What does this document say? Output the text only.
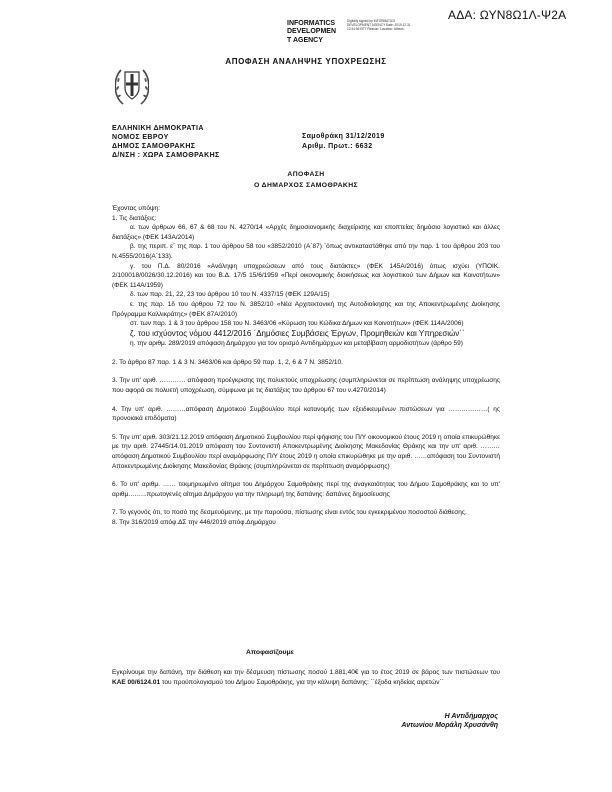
ΑΔΑ: ΩΥΝ8Ω1Λ-Ψ2Α
INFORMATICS
DEVELOPMEN
T AGENCY
Digitally signed by INFORMATICS DEVELOPMENT AGENCY Date: 2019.12.31 12:34:56 EET Reason: Location: Athens
ΑΠΟΦΑΣΗ ΑΝΑΛΗΨΗΣ ΥΠΟΧΡΕΩΣΗΣ
ΕΛΛΗΝΙΚΗ ΔΗΜΟΚΡΑΤΙΑ
ΝΟΜΟΣ ΕΒΡΟΥ
ΔΗΜΟΣ ΣΑΜΟΘΡΑΚΗΣ
Δ/ΝΣΗ : ΧΩΡΑ ΣΑΜΟΘΡΑΚΗΣ
Σαμοθράκη 31/12/2019
Αριθμ. Πρωτ.: 6632
ΑΠΟΦΑΣΗ
Ο ΔΗΜΑΡΧΟΣ ΣΑΜΟΘΡΑΚΗΣ

Έχοντας υπόψη:

1. Τις διατάξεις:

α. των άρθρων 66, 67 & 68 του Ν. 4270/14 «Αρχές δημοσιονομικής διαχείρισης και εποπτείας δημόσιο λογιστικό και άλλες διατάξεις» (ΦΕΚ 143Α/2014)

β. της περιπ. ε΄ της παρ. 1 του άρθρου 58 του «3852/2010 (Α΄87) ΄όπως αντικαταστάθηκε από την παρ. 1 του άρθρου 203 του Ν.4555/2016(Α΄133).

γ. του Π.Δ. 80/2016 «Ανάληψη υποχρεώσεων από τους διατάκτες» (ΦΕΚ 145Α/2016) όπως ισχύει (ΥΠΟΙΚ. 2/100018/0026/30.12.2016) και του Β.Δ. 17/5 15/6/1959 «Περί οικονομικής διοικήσεως και λογιστικού των Δήμων και Κοινοτήτων» (ΦΕΚ 114Α/1959)

δ. των παρ. 21, 22, 23 του άρθρου 10 του Ν. 4337/15 (ΦΕΚ 129Α/15)

ε. της παρ. 1δ του άρθρου 72 του Ν. 3852/10 «Νέα Αρχιτεκτονική της Αυτοδιοίκησης και της Αποκεντρωμένης Διοίκησης Πρόγραμμα Καλλικράτης» (ΦΕΚ 87Α/2010)

στ. των παρ. 1 & 3 του άρθρου 158 του Ν. 3463/06 «Κύρωση του Κώδικα Δήμων και Κοινοτήτων» (ΦΕΚ 114Α/2006)

ζ. του ισχύοντος νόμου 4412/2016 ΄Δημόσιες Συμβάσεις Έργων, Προμηθειών και Υπηρεσιών΄΄

η. την αριθμ. 289/2019 απόφαση Δημάρχου για τον ορισμό Αντιδημάρχων και μεταβίβαση αρμοδιοτήτων (άρθρο 59)

2. Το άρθρο 87 παρ. 1 & 3 Ν. 3463/06 και άρθρο 59 παρ. 1, 2, 6 & 7 Ν. 3852/10.

3. Την υπ' αριθ. ………… απόφαση προέγκρισης της πολυετούς υποχρέωσης (συμπληρώνεται σε περίπτωση ανάληψης υποχρέωσης που αφορά σε πολυετή υποχρέωση, σύμφωνα με τις διατάξεις του άρθρου 67 του ν.4270/2014)

4. Την υπ' αριθ. ………απόφαση Δημοτικού Συμβουλίου περί κατανομής των εξειδικευμένων πιστώσεων για ………………( ης προνοιακά επιδόματα)

5. Την υπ' αριθ. 303/21.12.2019 απόφαση Δημοτικού Συμβουλίου περί ψήφισης του Π/Υ οικονομικού έτους 2019 η οποία επικυρώθηκε με την αριθ. 27445/14.01.2019 απόφαση του Συντονιστή Αποκεντρωμένης Διοίκησης Μακεδονίας Θράκης και την υπ' αριθ. ………απόφαση Δημοτικού Συμβουλίου περί αναμόρφωσης Π/Υ έτους 2019 η οποία επικυρώθηκε με την αριθ. ……απόφαση του Συντονιστή Αποκεντρωμένης Διοίκησης Μακεδονίας Θράκης (συμπληρώνεται σε περίπτωση αναμόρφωσης)

6. Το υπ' αριθμ. …… τεκμηριωμένο αίτημα του Δημάρχου Σαμοθράκης περί της αναγκαιότητας του Δήμου Σαμοθράκης και το υπ' αριθμ.……..πρωτογενές αίτημα Δημάρχου για την πληρωμή της δαπάνης: δαπάνες δημοσίευσης

7. Το γεγονός ότι, το ποσό της δεσμευόμενης, με την παρούσα, πίστωσης είναι εντός του εγκεκριμένου ποσοστού διάθεσης.

8. Την 316/2019 απόφ.ΔΣ την 446/2019 απόφ.Δημάρχου

Αποφασίζουμε

Εγκρίνουμε την δαπάνη, την διάθεση και την δέσμευση πίστωσης ποσού 1.881,40€ για το έτος 2019 σε βάρος των πιστώσεων του ΚΑΕ 00/6124.01 του προϋπολογισμού του Δήμου Σαμοθράκης, για την κάλυψη δαπάνης: ΄΄έξοδα κηδείας αιρετών΄΄

Η Αντιδήμαρχος
Αντωνίου Μοράλη Χρυσάνθη
